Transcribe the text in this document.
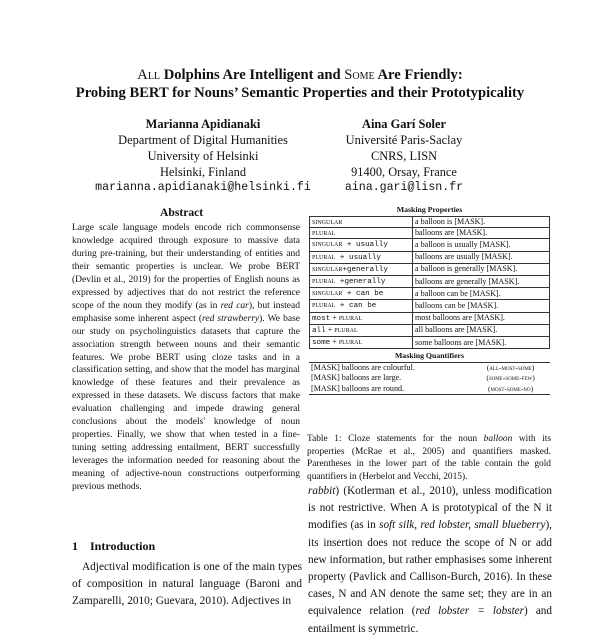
All Dolphins Are Intelligent and Some Are Friendly:
Probing BERT for Nouns’ Semantic Properties and their Prototypicality
Marianna Apidianaki
Department of Digital Humanities
University of Helsinki
Helsinki, Finland
marianna.apidianaki@helsinki.fi
Aina Garí Soler
Université Paris-Saclay
CNRS, LISN
91400, Orsay, France
aina.gari@lisn.fr
Abstract

Large scale language models encode rich commonsense knowledge acquired through exposure to massive data during pre-training, but their understanding of entities and their semantic properties is unclear. We probe BERT (Devlin et al., 2019) for the properties of English nouns as expressed by adjectives that do not restrict the reference scope of the noun they modify (as in red car), but instead emphasise some inherent aspect (red strawberry). We base our study on psycholinguistics datasets that capture the association strength between nouns and their semantic features. We probe BERT using cloze tasks and in a classification setting, and show that the model has marginal knowledge of these features and their prevalence as expressed in these datasets. We discuss factors that make evaluation challenging and impede drawing general conclusions about the models' knowledge of noun properties. Finally, we show that when tested in a fine-tuning setting addressing entailment, BERT successfully leverages the information needed for reasoning about the meaning of adjective-noun constructions outperforming previous methods.

1 Introduction

Adjectival modification is one of the main types of composition in natural language (Baroni and Zamparelli, 2010; Guevara, 2010). Adjectives in

Masking Properties
singular	a balloon is [MASK].
plural	balloons are [MASK].
singular + usually	a balloon is usually [MASK].
plural + usually	balloons are usually [MASK].
singular+generally	a balloon is generally [MASK].
plural +generally	balloons are generally [MASK].
singular + can be	a balloon can be [MASK].
plural + can be	balloons can be [MASK].
most + plural	most balloons are [MASK].
all + plural	all balloons are [MASK].
some + plural	some balloons are [MASK].
Masking Quantifiers
[MASK] balloons are colourful.	(all-most-some)
[MASK] balloons are large.	(some-some-few)
[MASK] balloons are round.	(most-some-no)
Table 1: Cloze statements for the noun balloon with its properties (McRae et al., 2005) and quantifiers masked. Parentheses in the lower part of the table contain the gold quantifiers in (Herbelot and Vecchi, 2015).

rabbit) (Kotlerman et al., 2010), unless modification is not restrictive. When A is prototypical of the N it modifies (as in soft silk, red lobster, small blueberry), its insertion does not reduce the scope of N or add new information, but rather emphasises some inherent property (Pavlick and Callison-Burch, 2016). In these cases, N and AN denote the same set; they are in an equivalence relation (red lobster = lobster) and entailment is symmetric.
